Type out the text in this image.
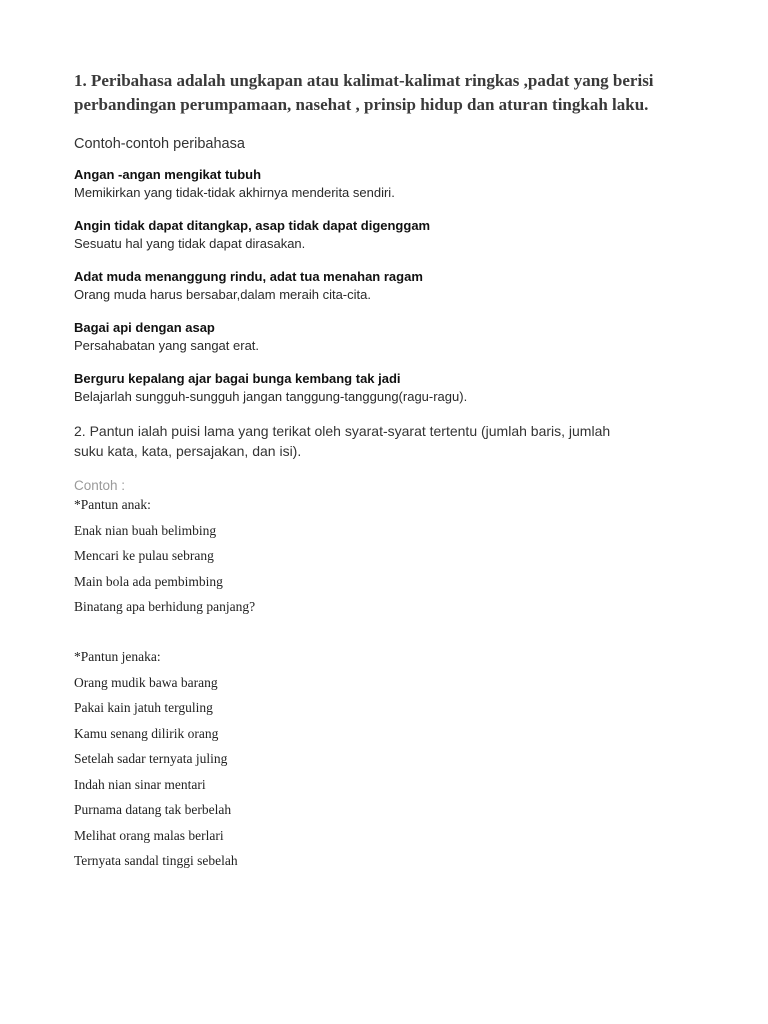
1. Peribahasa adalah ungkapan atau kalimat-kalimat ringkas ,padat yang berisi
perbandingan perumpamaan, nasehat , prinsip hidup dan aturan tingkah laku.
Contoh-contoh peribahasa
Angan -angan mengikat tubuh
Memikirkan yang tidak-tidak akhirnya menderita sendiri.
Angin tidak dapat ditangkap, asap tidak dapat digenggam
Sesuatu hal yang tidak dapat dirasakan.
Adat muda menanggung rindu, adat tua menahan ragam
Orang muda harus bersabar,dalam meraih cita-cita.
Bagai api dengan asap
Persahabatan yang sangat erat.
Berguru kepalang ajar bagai bunga kembang tak jadi
Belajarlah sungguh-sungguh jangan tanggung-tanggung(ragu-ragu).
2. Pantun ialah puisi lama yang terikat oleh syarat-syarat tertentu (jumlah baris, jumlah
suku kata, kata, persajakan, dan isi).
Contoh :
*Pantun anak:
Enak nian buah belimbing
Mencari ke pulau sebrang
Main bola ada pembimbing
Binatang apa berhidung panjang?
*Pantun jenaka:
Orang mudik bawa barang
Pakai kain jatuh terguling
Kamu senang dilirik orang
Setelah sadar ternyata juling
Indah nian sinar mentari
Purnama datang tak berbelah
Melihat orang malas berlari
Ternyata sandal tinggi sebelah
